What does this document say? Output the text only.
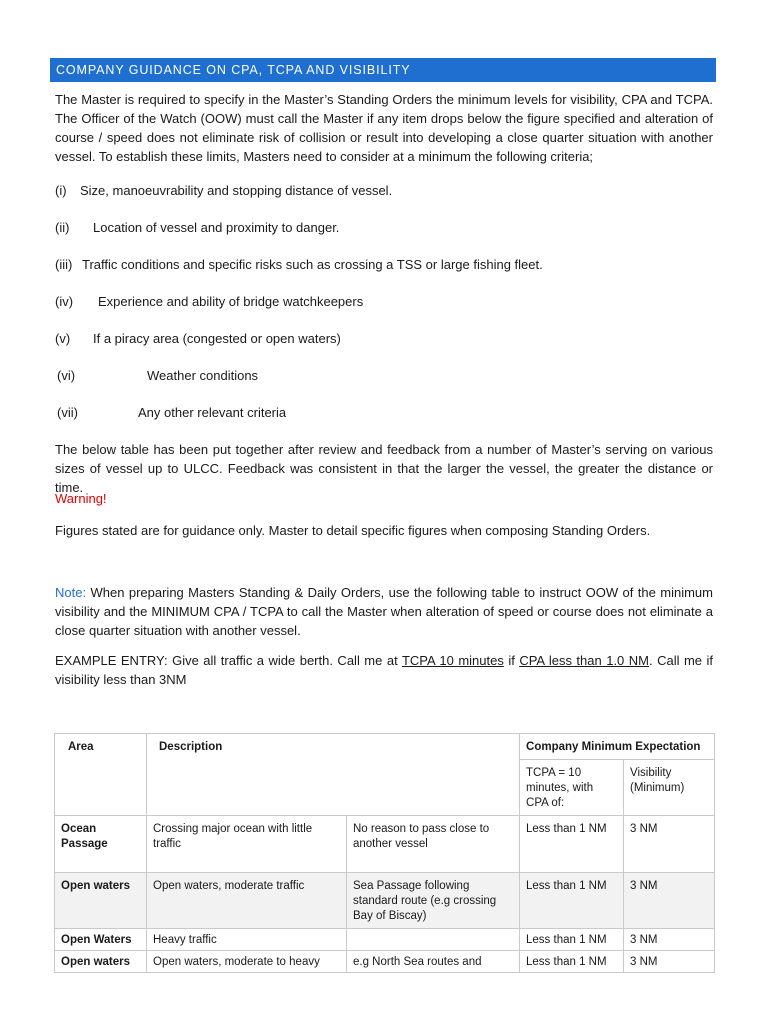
COMPANY GUIDANCE ON CPA, TCPA AND VISIBILITY
The Master is required to specify in the Master’s Standing Orders the minimum levels for visibility, CPA and TCPA. The Officer of the Watch (OOW) must call the Master if any item drops below the figure specified and alteration of course / speed does not eliminate risk of collision or result into developing a close quarter situation with another vessel. To establish these limits, Masters need to consider at a minimum the following criteria;
(i) Size, manoeuvrability and stopping distance of vessel.
(ii) Location of vessel and proximity to danger.
(iii) Traffic conditions and specific risks such as crossing a TSS or large fishing fleet.
(iv) Experience and ability of bridge watchkeepers
(v) If a piracy area (congested or open waters)
(vi)	Weather conditions
(vii)	Any other relevant criteria
The below table has been put together after review and feedback from a number of Master’s serving on various sizes of vessel up to ULCC. Feedback was consistent in that the larger the vessel, the greater the distance or time.
Warning!
Figures stated are for guidance only. Master to detail specific figures when composing Standing Orders.
Note: When preparing Masters Standing & Daily Orders, use the following table to instruct OOW of the minimum visibility and the MINIMUM CPA / TCPA to call the Master when alteration of speed or course does not eliminate a close quarter situation with another vessel.
EXAMPLE ENTRY: Give all traffic a wide berth. Call me at TCPA 10 minutes if CPA less than 1.0 NM. Call me if visibility less than 3NM
Area	Description		Company Minimum Expectation	
			TCPA = 10 minutes, with CPA of:	Visibility (Minimum)
Ocean Passage	Crossing major ocean with little traffic	No reason to pass close to another vessel	Less than 1 NM	3 NM
Open waters	Open waters, moderate traffic	Sea Passage following standard route (e.g crossing Bay of Biscay)	Less than 1 NM	3 NM
Open Waters	Heavy traffic		Less than 1 NM	3 NM
Open waters	Open waters, moderate to heavy	e.g North Sea routes and	Less than 1 NM	3 NM
